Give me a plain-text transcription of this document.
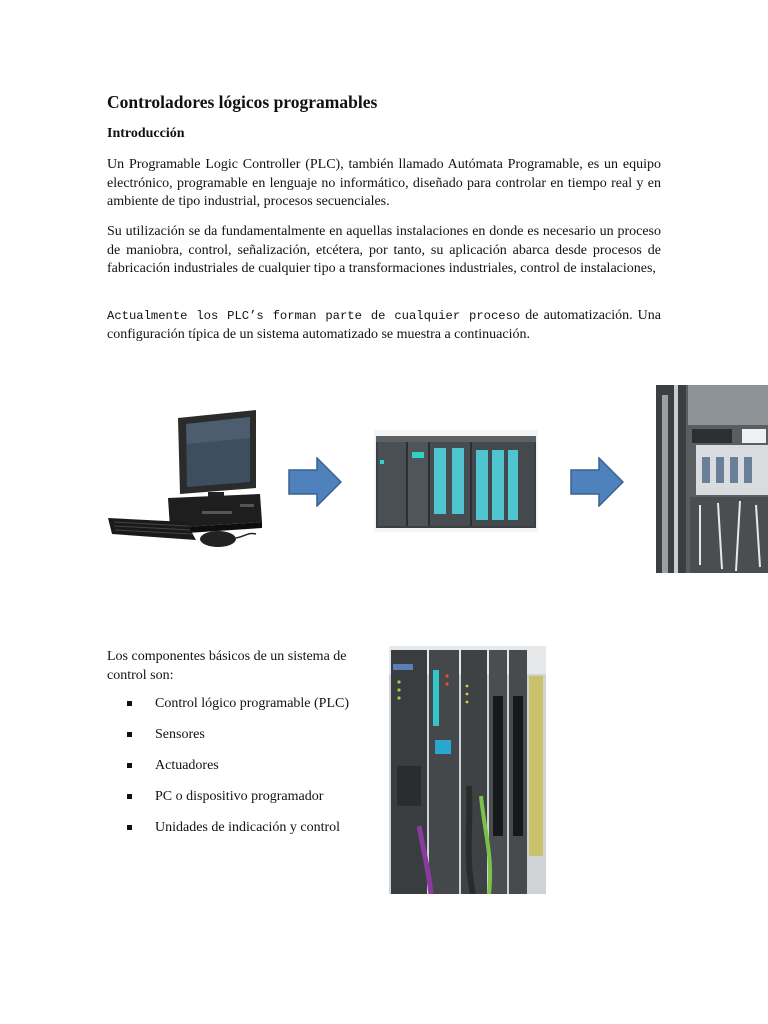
Controladores lógicos programables
Introducción

Un Programable Logic Controller (PLC), también llamado Autómata Programable, es un equipo electrónico, programable en lenguaje no informático, diseñado para controlar en tiempo real y en ambiente de tipo industrial, procesos secuenciales.

Su utilización se da fundamentalmente en aquellas instalaciones en donde es necesario un proceso de maniobra, control, señalización, etcétera, por tanto, su aplicación abarca desde procesos de fabricación industriales de cualquier tipo a transformaciones industriales, control de instalaciones,

Actualmente los PLC’s forman parte de cualquier proceso de automatización. Una configuración típica de un sistema automatizado se muestra a continuación.

Los componentes básicos de un sistema de control son:

Control lógico programable (PLC)
Sensores
Actuadores
PC o dispositivo programador
Unidades de indicación y control
